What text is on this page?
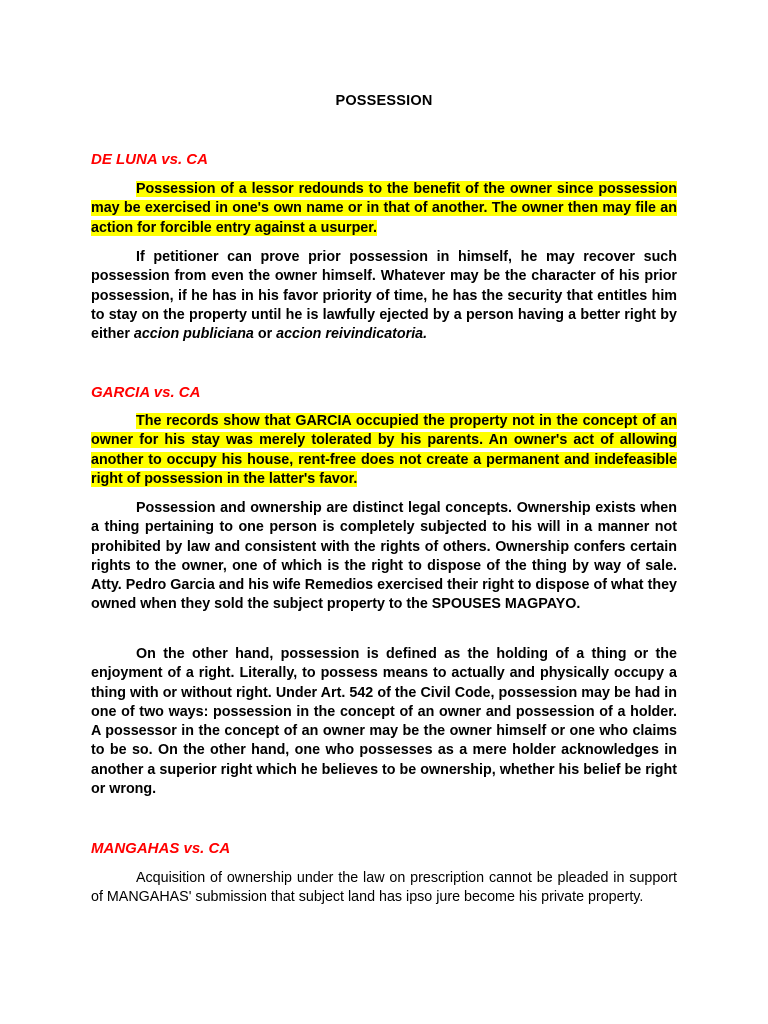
POSSESSION
DE LUNA vs. CA

Possession of a lessor redounds to the benefit of the owner since possession may be exercised in one's own name or in that of another. The owner then may file an action for forcible entry against a usurper.

If petitioner can prove prior possession in himself, he may recover such possession from even the owner himself. Whatever may be the character of his prior possession, if he has in his favor priority of time, he has the security that entitles him to stay on the property until he is lawfully ejected by a person having a better right by either accion publiciana or accion reivindicatoria.

GARCIA vs. CA

The records show that GARCIA occupied the property not in the concept of an owner for his stay was merely tolerated by his parents. An owner's act of allowing another to occupy his house, rent-free does not create a permanent and indefeasible right of possession in the latter's favor.

Possession and ownership are distinct legal concepts. Ownership exists when a thing pertaining to one person is completely subjected to his will in a manner not prohibited by law and consistent with the rights of others. Ownership confers certain rights to the owner, one of which is the right to dispose of the thing by way of sale. Atty. Pedro Garcia and his wife Remedios exercised their right to dispose of what they owned when they sold the subject property to the SPOUSES MAGPAYO.

On the other hand, possession is defined as the holding of a thing or the enjoyment of a right. Literally, to possess means to actually and physically occupy a thing with or without right. Under Art. 542 of the Civil Code, possession may be had in one of two ways: possession in the concept of an owner and possession of a holder. A possessor in the concept of an owner may be the owner himself or one who claims to be so. On the other hand, one who possesses as a mere holder acknowledges in another a superior right which he believes to be ownership, whether his belief be right or wrong.

MANGAHAS vs. CA

Acquisition of ownership under the law on prescription cannot be pleaded in support of MANGAHAS' submission that subject land has ipso jure become his private property.
